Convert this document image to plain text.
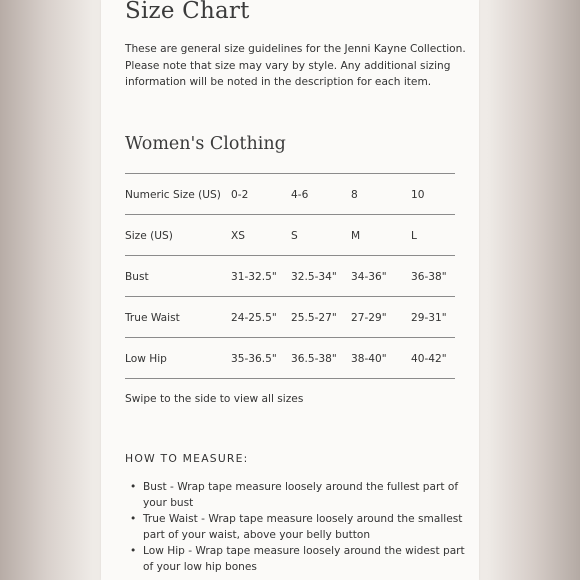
Size Chart
These are general size guidelines for the Jenni Kayne Collection.
Please note that size may vary by style. Any additional sizing
information will be noted in the description for each item.
Women's Clothing
Numeric Size (US) 0-2	4-6	8	10
Size (US)	XS	S	M	L
Bust	31-32.5" 32.5-34" 34-36" 36-38"
True Waist	24-25.5" 25.5-27" 27-29" 29-31"
Low Hip	35-36.5" 36.5-38" 38-40" 40-42"
Swipe to the side to view all sizes
HOW TO MEASURE:
• Bust - Wrap tape measure loosely around the fullest part of
your bust
• True Waist - Wrap tape measure loosely around the smallest
part of your waist, above your belly button
• Low Hip - Wrap tape measure loosely around the widest part
of your low hip bones
